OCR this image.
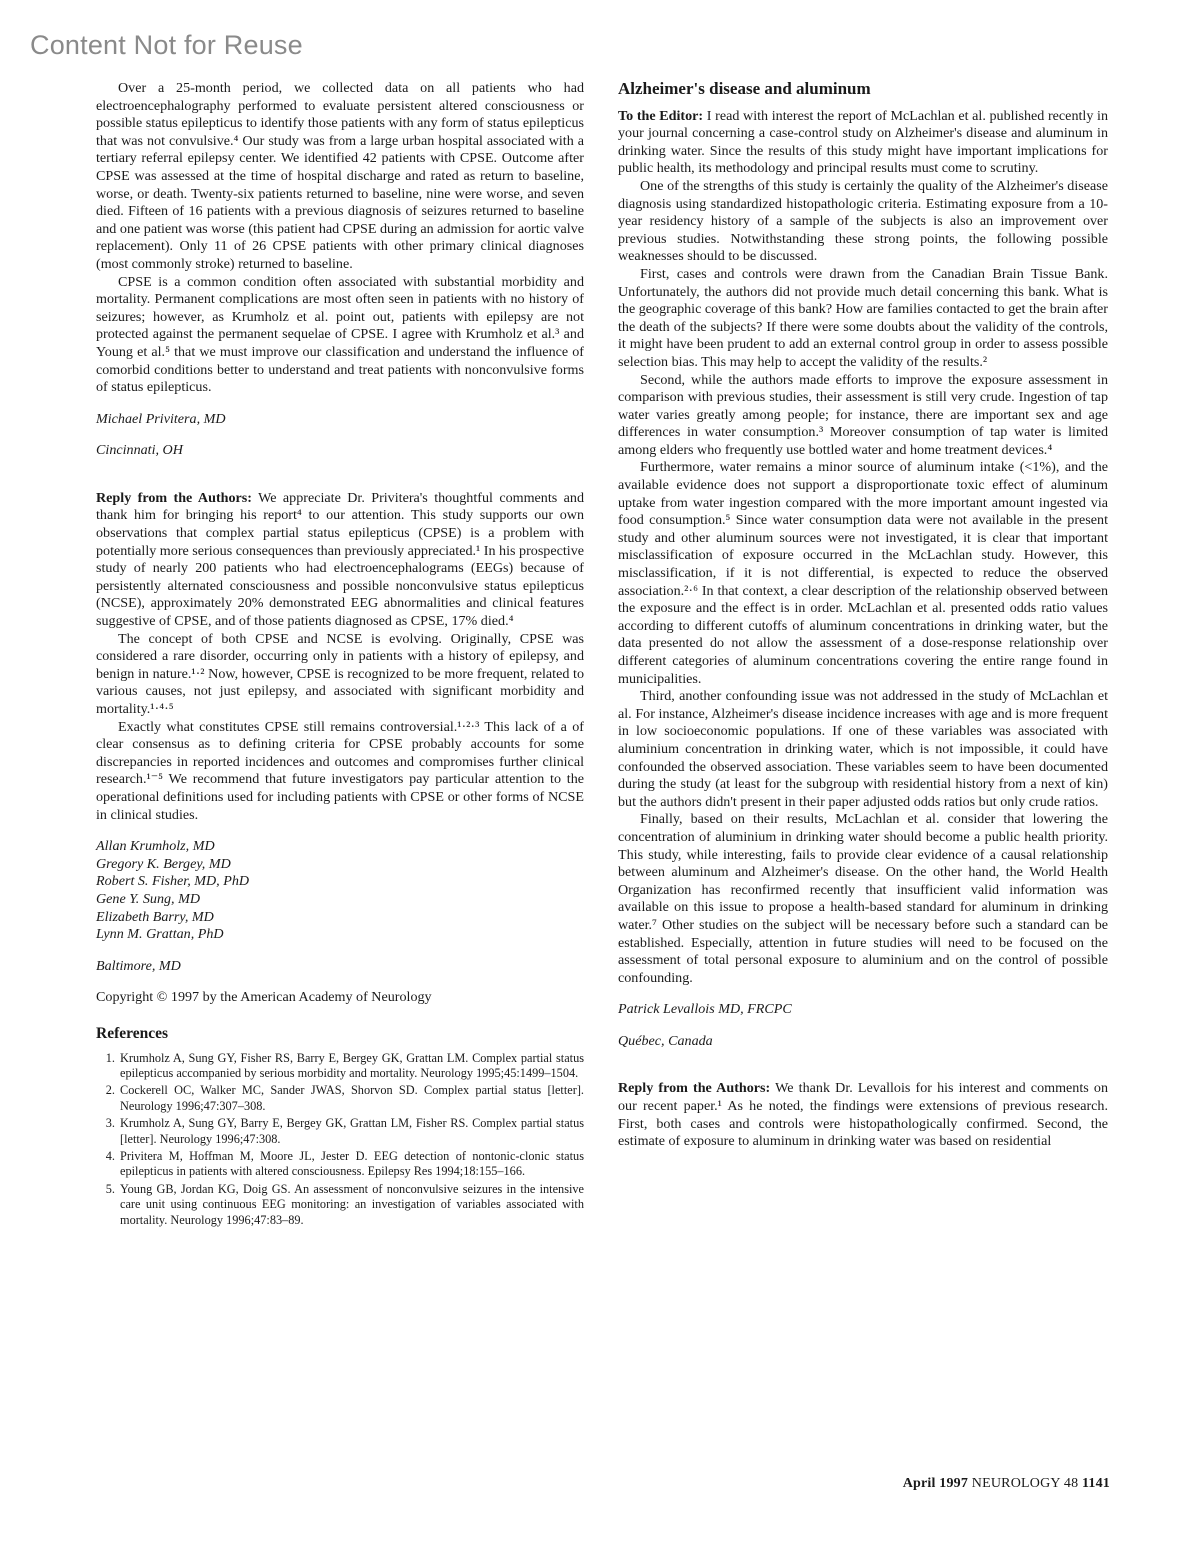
Content Not for Reuse

Over a 25-month period, we collected data on all patients who had electroencephalography performed to evaluate persistent altered consciousness or possible status epilepticus to identify those patients with any form of status epilepticus that was not convulsive.⁴ Our study was from a large urban hospital associated with a tertiary referral epilepsy center. We identified 42 patients with CPSE. Outcome after CPSE was assessed at the time of hospital discharge and rated as return to baseline, worse, or death. Twenty-six patients returned to baseline, nine were worse, and seven died. Fifteen of 16 patients with a previous diagnosis of seizures returned to baseline and one patient was worse (this patient had CPSE during an admission for aortic valve replacement). Only 11 of 26 CPSE patients with other primary clinical diagnoses (most commonly stroke) returned to baseline.

CPSE is a common condition often associated with substantial morbidity and mortality. Permanent complications are most often seen in patients with no history of seizures; however, as Krumholz et al. point out, patients with epilepsy are not protected against the permanent sequelae of CPSE. I agree with Krumholz et al.³ and Young et al.⁵ that we must improve our classification and understand the influence of comorbid conditions better to understand and treat patients with nonconvulsive forms of status epilepticus.

Michael Privitera, MD

Cincinnati, OH

Reply from the Authors: We appreciate Dr. Privitera's thoughtful comments and thank him for bringing his report⁴ to our attention. This study supports our own observations that complex partial status epilepticus (CPSE) is a problem with potentially more serious consequences than previously appreciated.¹ In his prospective study of nearly 200 patients who had electroencephalograms (EEGs) because of persistently alternated consciousness and possible nonconvulsive status epilepticus (NCSE), approximately 20% demonstrated EEG abnormalities and clinical features suggestive of CPSE, and of those patients diagnosed as CPSE, 17% died.⁴

The concept of both CPSE and NCSE is evolving. Originally, CPSE was considered a rare disorder, occurring only in patients with a history of epilepsy, and benign in nature.¹·² Now, however, CPSE is recognized to be more frequent, related to various causes, not just epilepsy, and associated with significant morbidity and mortality.¹·⁴·⁵

Exactly what constitutes CPSE still remains controversial.¹·²·³ This lack of a of clear consensus as to defining criteria for CPSE probably accounts for some discrepancies in reported incidences and outcomes and compromises further clinical research.¹⁻⁵ We recommend that future investigators pay particular attention to the operational definitions used for including patients with CPSE or other forms of NCSE in clinical studies.

Allan Krumholz, MD
Gregory K. Bergey, MD
Robert S. Fisher, MD, PhD
Gene Y. Sung, MD
Elizabeth Barry, MD
Lynn M. Grattan, PhD

Baltimore, MD

Copyright © 1997 by the American Academy of Neurology

References
1. Krumholz A, Sung GY, Fisher RS, Barry E, Bergey GK, Grattan LM. Complex partial status epilepticus accompanied by serious morbidity and mortality. Neurology 1995;45:1499–1504.
2. Cockerell OC, Walker MC, Sander JWAS, Shorvon SD. Complex partial status [letter]. Neurology 1996;47:307–308.
3. Krumholz A, Sung GY, Barry E, Bergey GK, Grattan LM, Fisher RS. Complex partial status [letter]. Neurology 1996;47:308.
4. Privitera M, Hoffman M, Moore JL, Jester D. EEG detection of nontonic-clonic status epilepticus in patients with altered consciousness. Epilepsy Res 1994;18:155–166.
5. Young GB, Jordan KG, Doig GS. An assessment of nonconvulsive seizures in the intensive care unit using continuous EEG monitoring: an investigation of variables associated with mortality. Neurology 1996;47:83–89.
Alzheimer's disease and aluminum

To the Editor: I read with interest the report of McLachlan et al. published recently in your journal concerning a case-control study on Alzheimer's disease and aluminum in drinking water. Since the results of this study might have important implications for public health, its methodology and principal results must come to scrutiny.

One of the strengths of this study is certainly the quality of the Alzheimer's disease diagnosis using standardized histopathologic criteria. Estimating exposure from a 10-year residency history of a sample of the subjects is also an improvement over previous studies. Notwithstanding these strong points, the following possible weaknesses should to be discussed.

First, cases and controls were drawn from the Canadian Brain Tissue Bank. Unfortunately, the authors did not provide much detail concerning this bank. What is the geographic coverage of this bank? How are families contacted to get the brain after the death of the subjects? If there were some doubts about the validity of the controls, it might have been prudent to add an external control group in order to assess possible selection bias. This may help to accept the validity of the results.²

Second, while the authors made efforts to improve the exposure assessment in comparison with previous studies, their assessment is still very crude. Ingestion of tap water varies greatly among people; for instance, there are important sex and age differences in water consumption.³ Moreover consumption of tap water is limited among elders who frequently use bottled water and home treatment devices.⁴

Furthermore, water remains a minor source of aluminum intake (<1%), and the available evidence does not support a disproportionate toxic effect of aluminum uptake from water ingestion compared with the more important amount ingested via food consumption.⁵ Since water consumption data were not available in the present study and other aluminum sources were not investigated, it is clear that important misclassification of exposure occurred in the McLachlan study. However, this misclassification, if it is not differential, is expected to reduce the observed association.²·⁶ In that context, a clear description of the relationship observed between the exposure and the effect is in order. McLachlan et al. presented odds ratio values according to different cutoffs of aluminum concentrations in drinking water, but the data presented do not allow the assessment of a dose-response relationship over different categories of aluminum concentrations covering the entire range found in municipalities.

Third, another confounding issue was not addressed in the study of McLachlan et al. For instance, Alzheimer's disease incidence increases with age and is more frequent in low socioeconomic populations. If one of these variables was associated with aluminium concentration in drinking water, which is not impossible, it could have confounded the observed association. These variables seem to have been documented during the study (at least for the subgroup with residential history from a next of kin) but the authors didn't present in their paper adjusted odds ratios but only crude ratios.

Finally, based on their results, McLachlan et al. consider that lowering the concentration of aluminium in drinking water should become a public health priority. This study, while interesting, fails to provide clear evidence of a causal relationship between aluminum and Alzheimer's disease. On the other hand, the World Health Organization has reconfirmed recently that insufficient valid information was available on this issue to propose a health-based standard for aluminum in drinking water.⁷ Other studies on the subject will be necessary before such a standard can be established. Especially, attention in future studies will need to be focused on the assessment of total personal exposure to aluminium and on the control of possible confounding.

Patrick Levallois MD, FRCPC

Québec, Canada

Reply from the Authors: We thank Dr. Levallois for his interest and comments on our recent paper.¹ As he noted, the findings were extensions of previous research. First, both cases and controls were histopathologically confirmed. Second, the estimate of exposure to aluminum in drinking water was based on residential

April 1997 NEUROLOGY 48 1141
